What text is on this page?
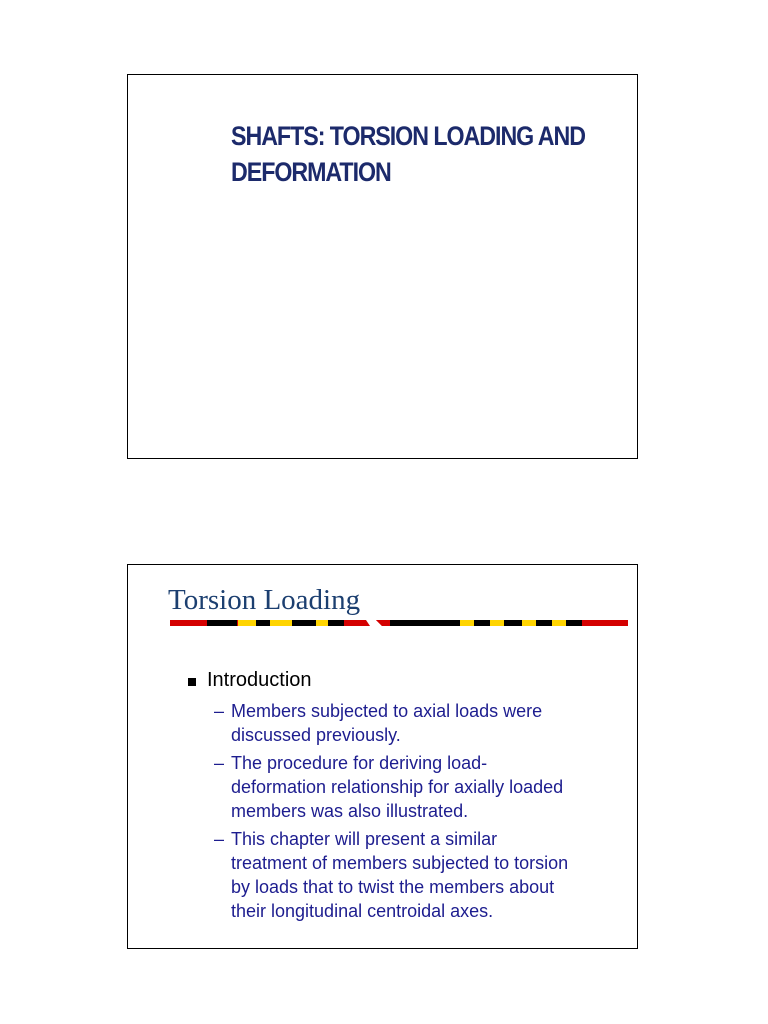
SHAFTS: TORSION LOADING AND
DEFORMATION
Torsion Loading
Introduction
– Members subjected to axial loads were
discussed previously.
– The procedure for deriving load-
deformation relationship for axially loaded
members was also illustrated.
– This chapter will present a similar
treatment of members subjected to torsion
by loads that to twist the members about
their longitudinal centroidal axes.
